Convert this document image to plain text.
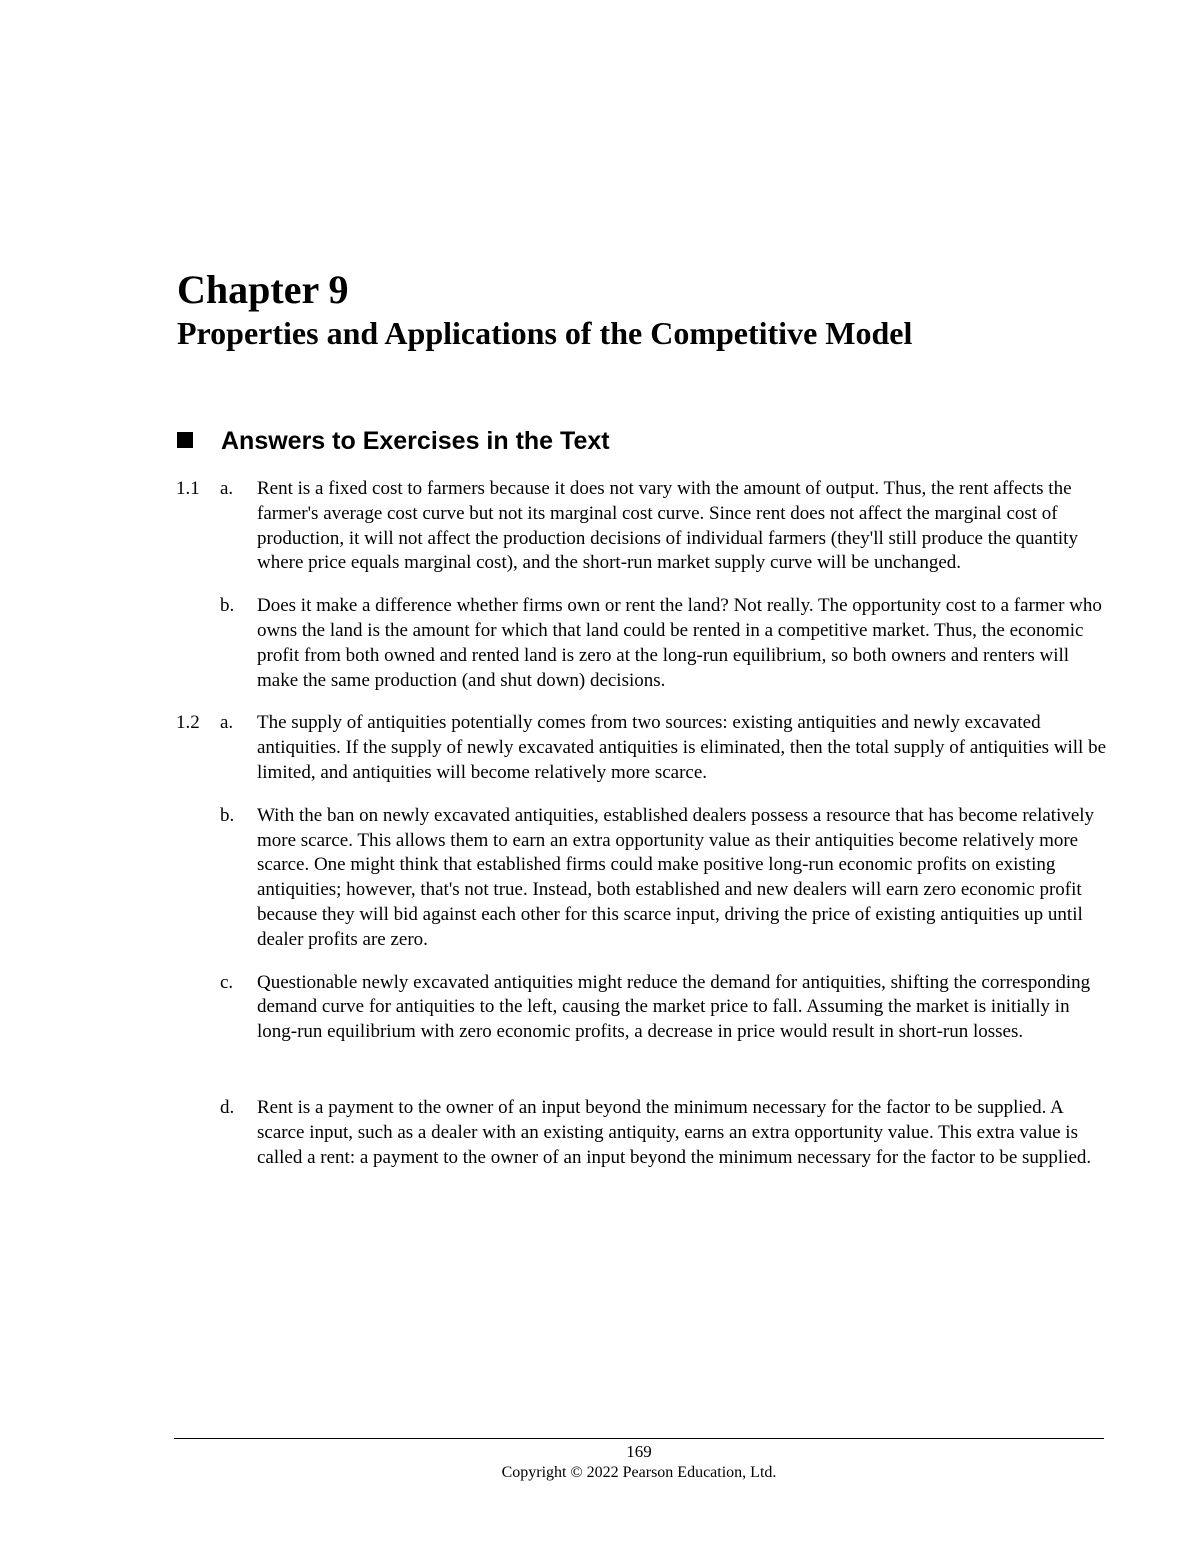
Chapter 9
Properties and Applications of the Competitive Model
Answers to Exercises in the Text
1.1 a. Rent is a fixed cost to farmers because it does not vary with the amount of output. Thus, the rent affects the farmer's average cost curve but not its marginal cost curve. Since rent does not affect the marginal cost of production, it will not affect the production decisions of individual farmers (they'll still produce the quantity where price equals marginal cost), and the short-run market supply curve will be unchanged.

b. Does it make a difference whether firms own or rent the land? Not really. The opportunity cost to a farmer who owns the land is the amount for which that land could be rented in a competitive market. Thus, the economic profit from both owned and rented land is zero at the long-run equilibrium, so both owners and renters will make the same production (and shut down) decisions.

1.2 a. The supply of antiquities potentially comes from two sources: existing antiquities and newly excavated antiquities. If the supply of newly excavated antiquities is eliminated, then the total supply of antiquities will be limited, and antiquities will become relatively more scarce.

b. With the ban on newly excavated antiquities, established dealers possess a resource that has become relatively more scarce. This allows them to earn an extra opportunity value as their antiquities become relatively more scarce. One might think that established firms could make positive long-run economic profits on existing antiquities; however, that's not true. Instead, both established and new dealers will earn zero economic profit because they will bid against each other for this scarce input, driving the price of existing antiquities up until dealer profits are zero.

c. Questionable newly excavated antiquities might reduce the demand for antiquities, shifting the corresponding demand curve for antiquities to the left, causing the market price to fall. Assuming the market is initially in long-run equilibrium with zero economic profits, a decrease in price would result in short-run losses.

d. Rent is a payment to the owner of an input beyond the minimum necessary for the factor to be supplied. A scarce input, such as a dealer with an existing antiquity, earns an extra opportunity value. This extra value is called a rent: a payment to the owner of an input beyond the minimum necessary for the factor to be supplied.

169
Copyright © 2022 Pearson Education, Ltd.
